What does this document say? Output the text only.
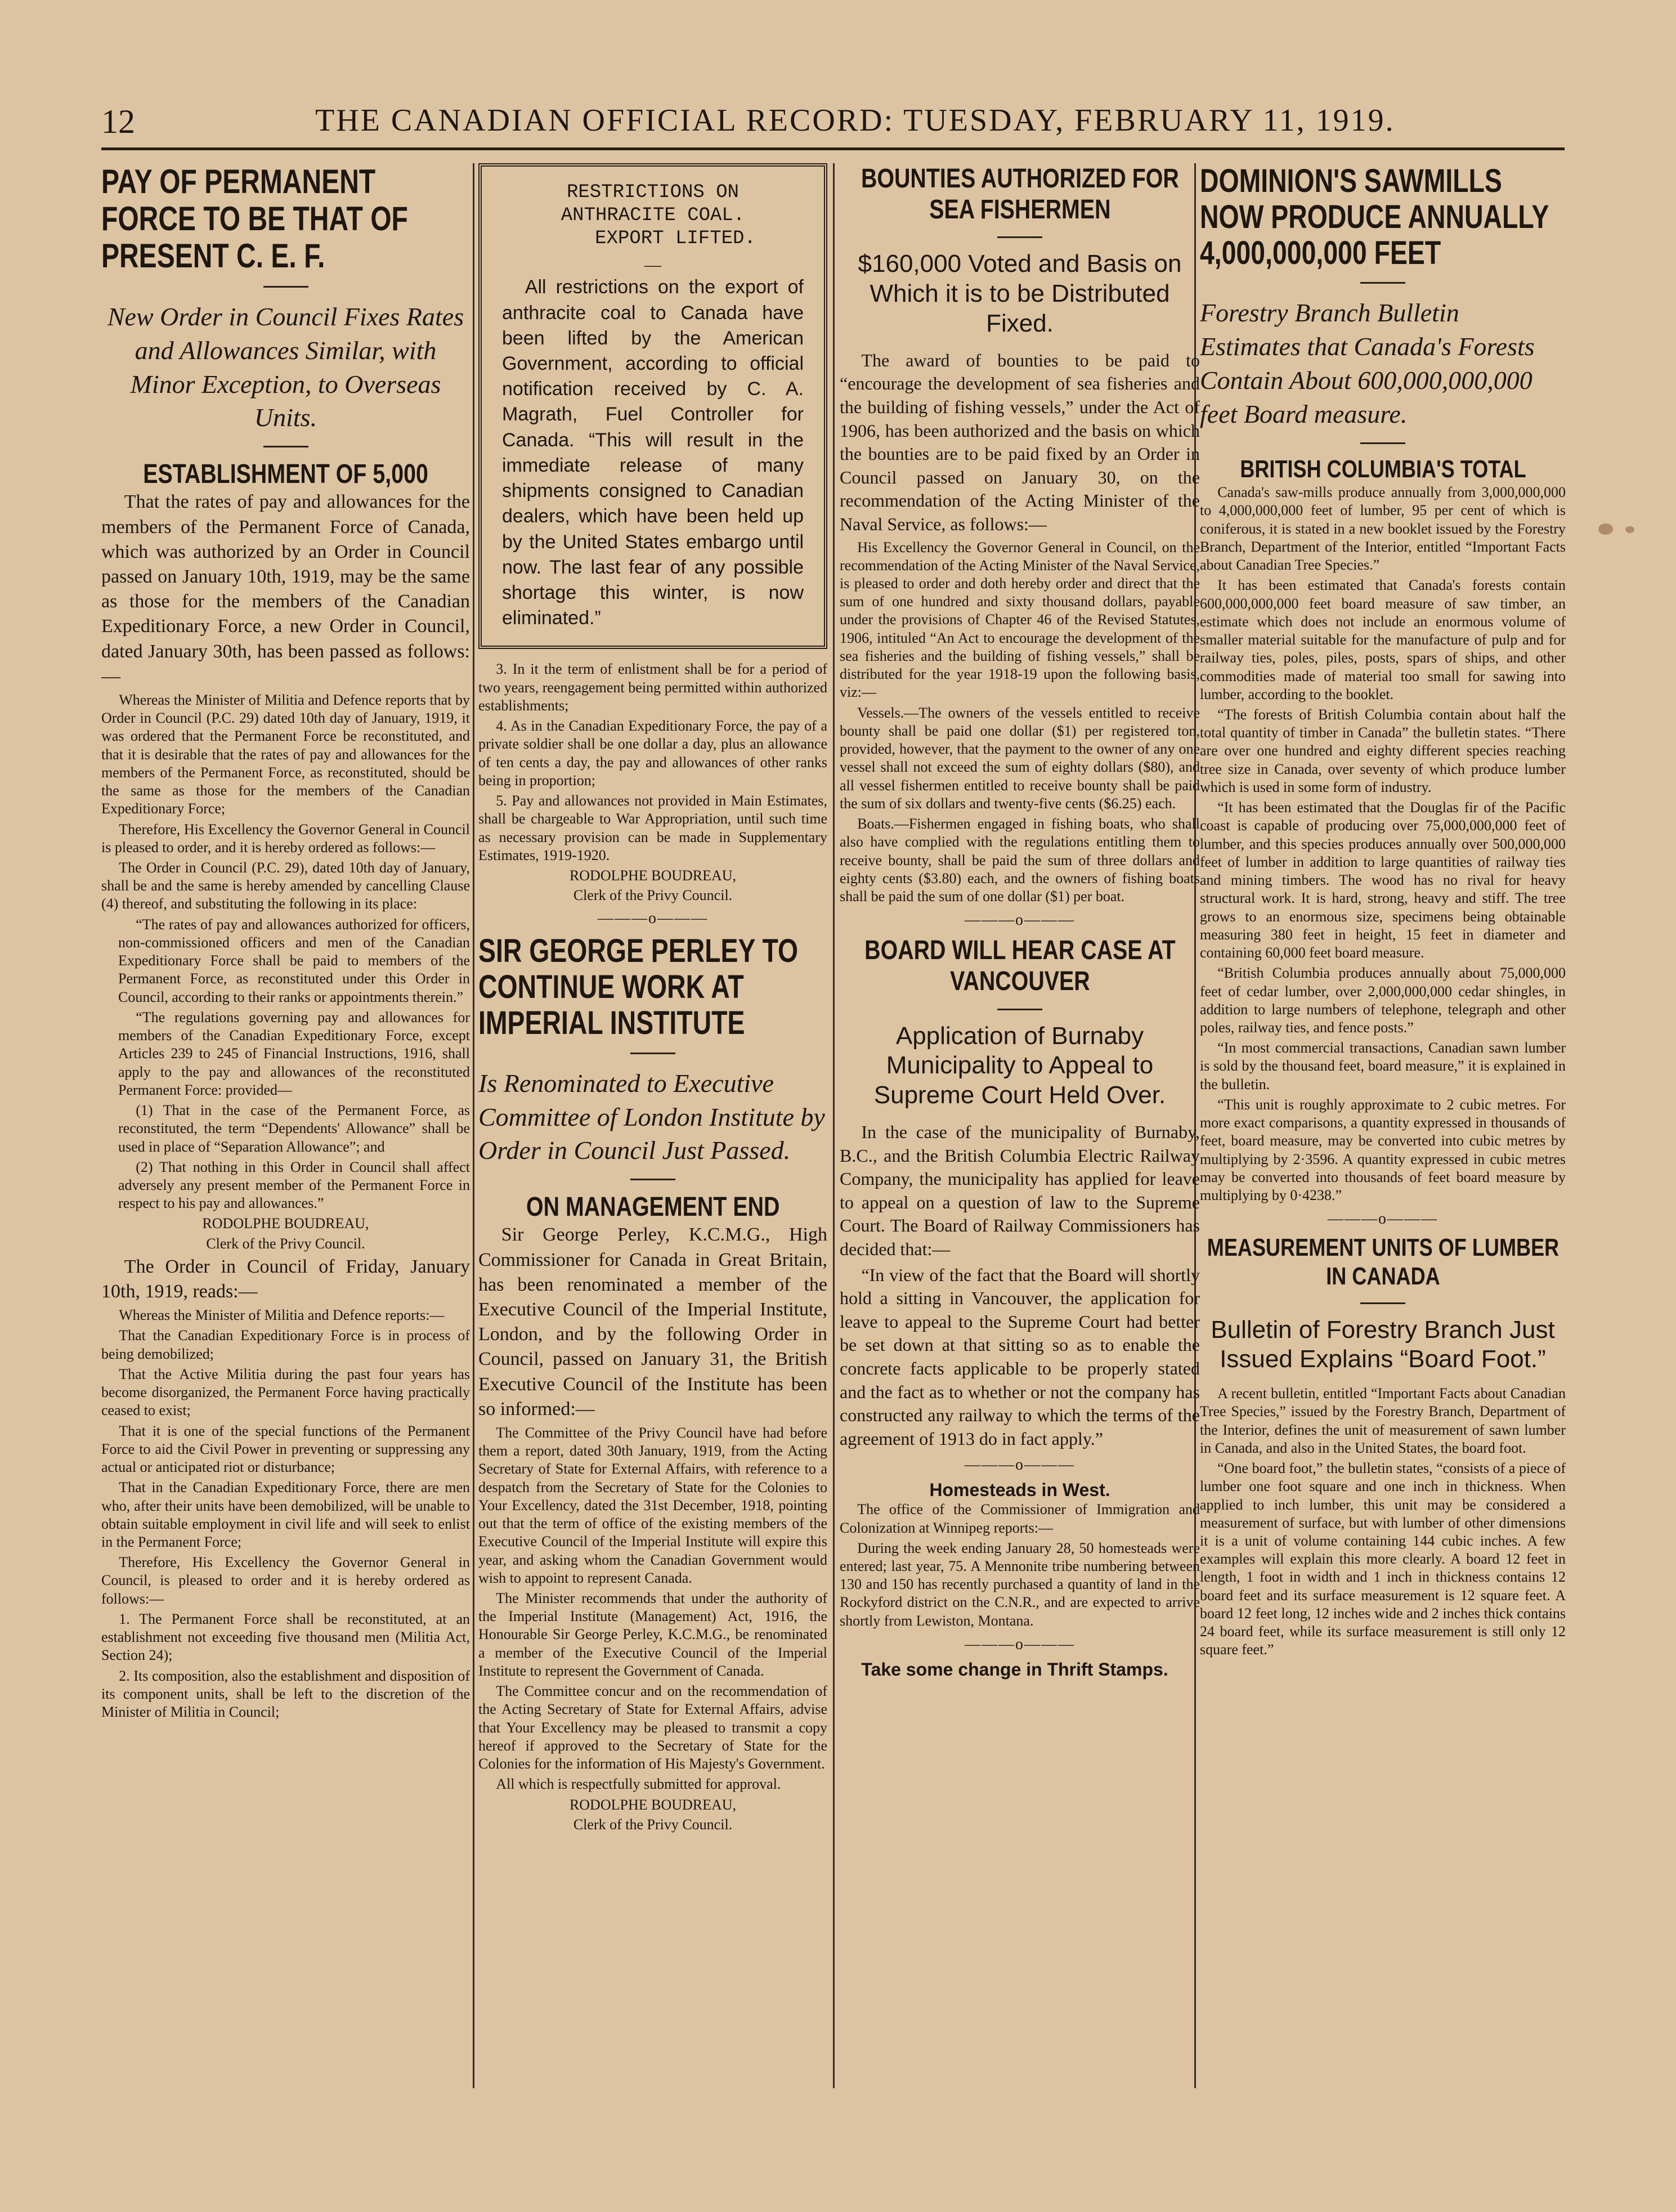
12	THE CANADIAN OFFICIAL RECORD: TUESDAY, FEBRUARY 11, 1919.
PAY OF PERMANENT FORCE TO BE THAT OF PRESENT C. E. F.
New Order in Council Fixes Rates and Allowances Similar, with Minor Exception, to Overseas Units.
ESTABLISHMENT OF 5,000

That the rates of pay and allowances for the members of the Permanent Force of Canada, which was authorized by an Order in Council passed on January 10th, 1919, may be the same as those for the members of the Canadian Expeditionary Force, a new Order in Council, dated January 30th, has been passed as follows:—

Whereas the Minister of Militia and Defence reports that by Order in Council (P.C. 29) dated 10th day of January, 1919, it was ordered that the Permanent Force be reconstituted, and that it is desirable that the rates of pay and allowances for the members of the Permanent Force, as reconstituted, should be the same as those for the members of the Canadian Expeditionary Force;

Therefore, His Excellency the Governor General in Council is pleased to order, and it is hereby ordered as follows:—

The Order in Council (P.C. 29), dated 10th day of January, shall be and the same is hereby amended by cancelling Clause (4) thereof, and substituting the following in its place:

“The rates of pay and allowances authorized for officers, non-commissioned officers and men of the Canadian Expeditionary Force shall be paid to members of the Permanent Force, as reconstituted under this Order in Council, according to their ranks or appointments therein.”

“The regulations governing pay and allowances for members of the Canadian Expeditionary Force, except Articles 239 to 245 of Financial Instructions, 1916, shall apply to the pay and allowances of the reconstituted Permanent Force: provided—

(1) That in the case of the Permanent Force, as reconstituted, the term “Dependents' Allowance” shall be used in place of “Separation Allowance”; and

(2) That nothing in this Order in Council shall affect adversely any present member of the Permanent Force in respect to his pay and allowances.”

RODOLPHE BOUDREAU,

Clerk of the Privy Council.

The Order in Council of Friday, January 10th, 1919, reads:—

Whereas the Minister of Militia and Defence reports:—

That the Canadian Expeditionary Force is in process of being demobilized;

That the Active Militia during the past four years has become disorganized, the Permanent Force having practically ceased to exist;

That it is one of the special functions of the Permanent Force to aid the Civil Power in preventing or suppressing any actual or anticipated riot or disturbance;

That in the Canadian Expeditionary Force, there are men who, after their units have been demobilized, will be unable to obtain suitable employment in civil life and will seek to enlist in the Permanent Force;

Therefore, His Excellency the Governor General in Council, is pleased to order and it is hereby ordered as follows:—

1. The Permanent Force shall be reconstituted, at an establishment not exceeding five thousand men (Militia Act, Section 24);

2. Its composition, also the establishment and disposition of its component units, shall be left to the discretion of the Minister of Militia in Council;

RESTRICTIONS ON
ANTHRACITE COAL.
EXPORT LIFTED.
—
All restrictions on the export of anthracite coal to Canada have been lifted by the American Government, according to official notification received by C. A. Magrath, Fuel Controller for Canada. “This will result in the immediate release of many shipments consigned to Canadian dealers, which have been held up by the United States embargo until now. The last fear of any possible shortage this winter, is now eliminated.”

3. In it the term of enlistment shall be for a period of two years, reengagement being permitted within authorized establishments;

4. As in the Canadian Expeditionary Force, the pay of a private soldier shall be one dollar a day, plus an allowance of ten cents a day, the pay and allowances of other ranks being in proportion;

5. Pay and allowances not provided in Main Estimates, shall be chargeable to War Appropriation, until such time as necessary provision can be made in Supplementary Estimates, 1919-1920.

RODOLPHE BOUDREAU,

Clerk of the Privy Council.

———o———
SIR GEORGE PERLEY TO CONTINUE WORK AT IMPERIAL INSTITUTE
Is Renominated to Executive Committee of London Institute by Order in Council Just Passed.
ON MANAGEMENT END

Sir George Perley, K.C.M.G., High Commissioner for Canada in Great Britain, has been renominated a member of the Executive Council of the Imperial Institute, London, and by the following Order in Council, passed on January 31, the British Executive Council of the Institute has been so informed:—

The Committee of the Privy Council have had before them a report, dated 30th January, 1919, from the Acting Secretary of State for External Affairs, with reference to a despatch from the Secretary of State for the Colonies to Your Excellency, dated the 31st December, 1918, pointing out that the term of office of the existing members of the Executive Council of the Imperial Institute will expire this year, and asking whom the Canadian Government would wish to appoint to represent Canada.

The Minister recommends that under the authority of the Imperial Institute (Management) Act, 1916, the Honourable Sir George Perley, K.C.M.G., be renominated a member of the Executive Council of the Imperial Institute to represent the Government of Canada.

The Committee concur and on the recommendation of the Acting Secretary of State for External Affairs, advise that Your Excellency may be pleased to transmit a copy hereof if approved to the Secretary of State for the Colonies for the information of His Majesty's Government.

All which is respectfully submitted for approval.

RODOLPHE BOUDREAU,

Clerk of the Privy Council.

BOUNTIES AUTHORIZED FOR SEA FISHERMEN
$160,000 Voted and Basis on Which it is to be Distributed Fixed.

The award of bounties to be paid to “encourage the development of sea fisheries and the building of fishing vessels,” under the Act of 1906, has been authorized and the basis on which the bounties are to be paid fixed by an Order in Council passed on January 30, on the recommendation of the Acting Minister of the Naval Service, as follows:—

His Excellency the Governor General in Council, on the recommendation of the Acting Minister of the Naval Service, is pleased to order and doth hereby order and direct that the sum of one hundred and sixty thousand dollars, payable under the provisions of Chapter 46 of the Revised Statutes, 1906, intituled “An Act to encourage the development of the sea fisheries and the building of fishing vessels,” shall be distributed for the year 1918-19 upon the following basis, viz:—

Vessels.—The owners of the vessels entitled to receive bounty shall be paid one dollar ($1) per registered ton, provided, however, that the payment to the owner of any one vessel shall not exceed the sum of eighty dollars ($80), and all vessel fishermen entitled to receive bounty shall be paid the sum of six dollars and twenty-five cents ($6.25) each.

Boats.—Fishermen engaged in fishing boats, who shall also have complied with the regulations entitling them to receive bounty, shall be paid the sum of three dollars and eighty cents ($3.80) each, and the owners of fishing boats shall be paid the sum of one dollar ($1) per boat.

———o———
BOARD WILL HEAR CASE AT VANCOUVER
Application of Burnaby Municipality to Appeal to Supreme Court Held Over.

In the case of the municipality of Burnaby, B.C., and the British Columbia Electric Railway Company, the municipality has applied for leave to appeal on a question of law to the Supreme Court. The Board of Railway Commissioners has decided that:—

“In view of the fact that the Board will shortly hold a sitting in Vancouver, the application for leave to appeal to the Supreme Court had better be set down at that sitting so as to enable the concrete facts applicable to be properly stated and the fact as to whether or not the company has constructed any railway to which the terms of the agreement of 1913 do in fact apply.”

———o———
Homesteads in West.

The office of the Commissioner of Immigration and Colonization at Winnipeg reports:—

During the week ending January 28, 50 homesteads were entered; last year, 75. A Mennonite tribe numbering between 130 and 150 has recently purchased a quantity of land in the Rockyford district on the C.N.R., and are expected to arrive shortly from Lewiston, Montana.

———o———

Take some change in Thrift Stamps.

DOMINION'S SAWMILLS NOW PRODUCE ANNUALLY 4,000,000,000 FEET
Forestry Branch Bulletin Estimates that Canada's Forests Contain About 600,000,000,000 feet Board measure.
BRITISH COLUMBIA'S TOTAL

Canada's saw-mills produce annually from 3,000,000,000 to 4,000,000,000 feet of lumber, 95 per cent of which is coniferous, it is stated in a new booklet issued by the Forestry Branch, Department of the Interior, entitled “Important Facts about Canadian Tree Species.”

It has been estimated that Canada's forests contain 600,000,000,000 feet board measure of saw timber, an estimate which does not include an enormous volume of smaller material suitable for the manufacture of pulp and for railway ties, poles, piles, posts, spars of ships, and other commodities made of material too small for sawing into lumber, according to the booklet.

“The forests of British Columbia contain about half the total quantity of timber in Canada” the bulletin states. “There are over one hundred and eighty different species reaching tree size in Canada, over seventy of which produce lumber which is used in some form of industry.

“It has been estimated that the Douglas fir of the Pacific coast is capable of producing over 75,000,000,000 feet of lumber, and this species produces annually over 500,000,000 feet of lumber in addition to large quantities of railway ties and mining timbers. The wood has no rival for heavy structural work. It is hard, strong, heavy and stiff. The tree grows to an enormous size, specimens being obtainable measuring 380 feet in height, 15 feet in diameter and containing 60,000 feet board measure.

“British Columbia produces annually about 75,000,000 feet of cedar lumber, over 2,000,000,000 cedar shingles, in addition to large numbers of telephone, telegraph and other poles, railway ties, and fence posts.”

“In most commercial transactions, Canadian sawn lumber is sold by the thousand feet, board measure,” it is explained in the bulletin.

“This unit is roughly approximate to 2 cubic metres. For more exact comparisons, a quantity expressed in thousands of feet, board measure, may be converted into cubic metres by multiplying by 2·3596. A quantity expressed in cubic metres may be converted into thousands of feet board measure by multiplying by 0·4238.”

———o———
MEASUREMENT UNITS OF LUMBER IN CANADA
Bulletin of Forestry Branch Just Issued Explains “Board Foot.”

A recent bulletin, entitled “Important Facts about Canadian Tree Species,” issued by the Forestry Branch, Department of the Interior, defines the unit of measurement of sawn lumber in Canada, and also in the United States, the board foot.

“One board foot,” the bulletin states, “consists of a piece of lumber one foot square and one inch in thickness. When applied to inch lumber, this unit may be considered a measurement of surface, but with lumber of other dimensions it is a unit of volume containing 144 cubic inches. A few examples will explain this more clearly. A board 12 feet in length, 1 foot in width and 1 inch in thickness contains 12 board feet and its surface measurement is 12 square feet. A board 12 feet long, 12 inches wide and 2 inches thick contains 24 board feet, while its surface measurement is still only 12 square feet.”
